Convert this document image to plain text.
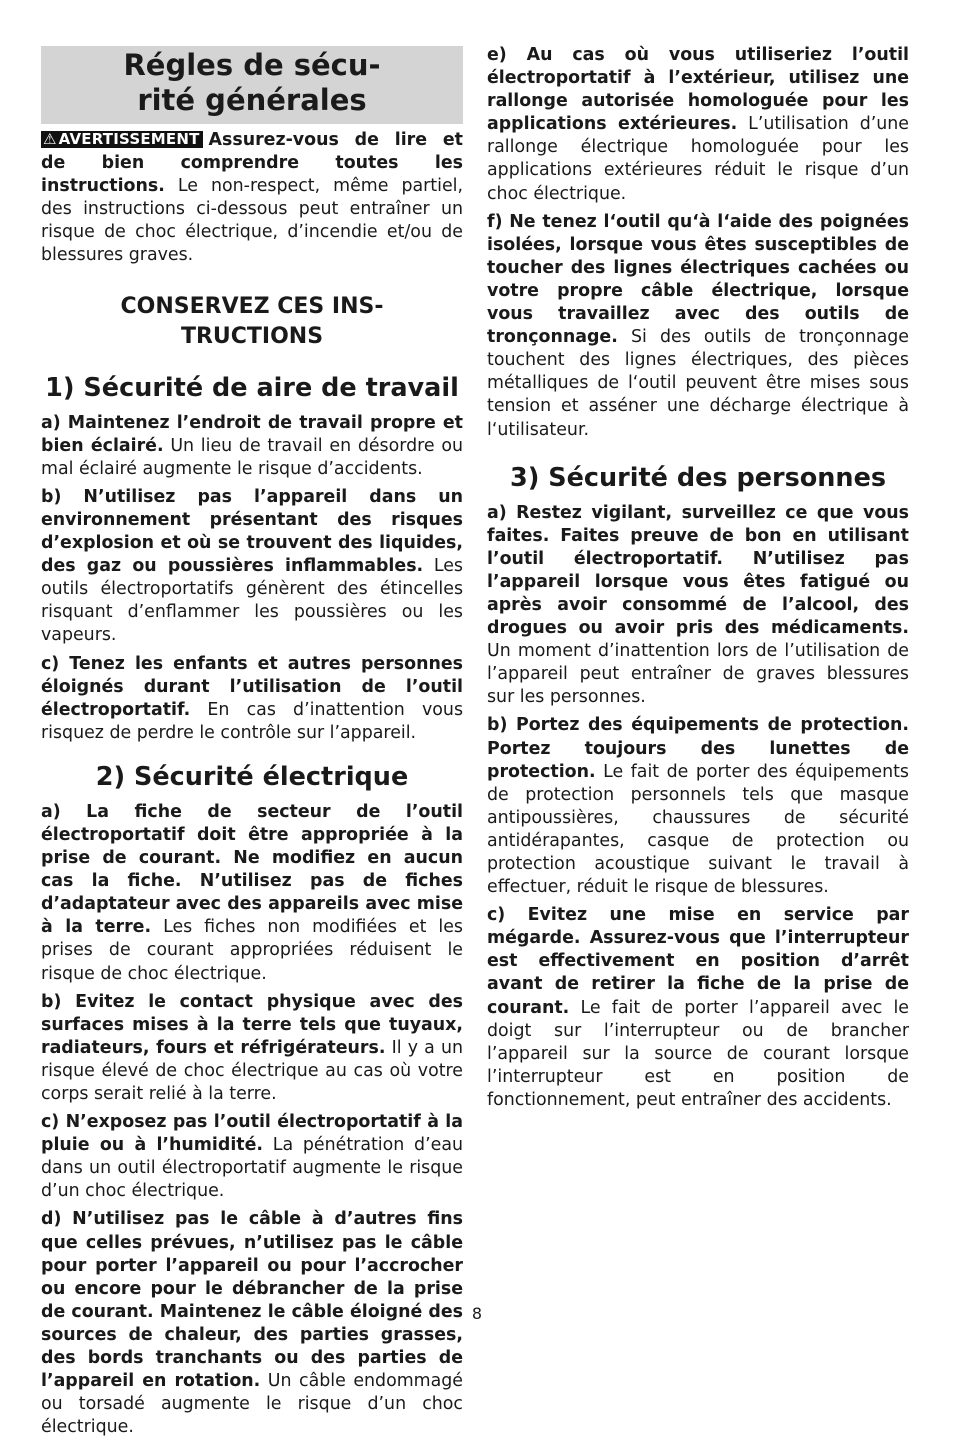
Régles de sécu-
rité générales

⚠ AVERTISSEMENT Assurez-vous de lire et de bien comprendre toutes les instructions. Le non-respect, même partiel, des instructions ci-dessous peut entraîner un risque de choc électrique, d’incendie et/ou de blessures graves.

CONSERVEZ CES INS-
TRUCTIONS
1) Sécurité de aire de travail

a) Maintenez l’endroit de travail propre et bien éclairé. Un lieu de travail en désordre ou mal éclairé augmente le risque d’accidents.

b) N’utilisez pas l’appareil dans un environnement présentant des risques d’explosion et où se trouvent des liquides, des gaz ou poussières inflammables. Les outils électroportatifs génèrent des étincelles risquant d’enflammer les poussières ou les vapeurs.

c) Tenez les enfants et autres personnes éloignés durant l’utilisation de l’outil électroportatif. En cas d’inattention vous risquez de perdre le contrôle sur l’appareil.

2) Sécurité électrique

a) La fiche de secteur de l’outil électroportatif doit être appropriée à la prise de courant. Ne modifiez en aucun cas la fiche. N’utilisez pas de fiches d’adaptateur avec des appareils avec mise à la terre. Les fiches non modifiées et les prises de courant appropriées réduisent le risque de choc électrique.

b) Evitez le contact physique avec des surfaces mises à la terre tels que tuyaux, radiateurs, fours et réfrigérateurs. Il y a un risque élevé de choc électrique au cas où votre corps serait relié à la terre.

c) N’exposez pas l’outil électroportatif à la pluie ou à l’humidité. La pénétration d’eau dans un outil électroportatif augmente le risque d’un choc électrique.

d) N’utilisez pas le câble à d’autres fins que celles prévues, n’utilisez pas le câble pour porter l’appareil ou pour l’accrocher ou encore pour le débrancher de la prise de courant. Maintenez le câble éloigné des sources de chaleur, des parties grasses, des bords tranchants ou des parties de l’appareil en rotation. Un câble endommagé ou torsadé augmente le risque d’un choc électrique.

e) Au cas où vous utiliseriez l’outil électroportatif à l’extérieur, utilisez une rallonge autorisée homologuée pour les applications extérieures. L’utilisation d’une rallonge électrique homologuée pour les applications extérieures réduit le risque d’un choc électrique.

f) Ne tenez l‘outil qu‘à l‘aide des poignées isolées, lorsque vous êtes susceptibles de toucher des lignes électriques cachées ou votre propre câble électrique, lorsque vous travaillez avec des outils de tronçonnage. Si des outils de tronçonnage touchent des lignes électriques, des pièces métalliques de l‘outil peuvent être mises sous tension et asséner une décharge électrique à l‘utilisateur.

3) Sécurité des personnes

a) Restez vigilant, surveillez ce que vous faites. Faites preuve de bon en utilisant l’outil électroportatif. N’utilisez pas l’appareil lorsque vous êtes fatigué ou après avoir consommé de l’alcool, des drogues ou avoir pris des médicaments. Un moment d’inattention lors de l’utilisation de l’appareil peut entraîner de graves blessures sur les personnes.

b) Portez des équipements de protection. Portez toujours des lunettes de protection. Le fait de porter des équipements de protection personnels tels que masque antipoussières, chaussures de sécurité antidérapantes, casque de protection ou protection acoustique suivant le travail à effectuer, réduit le risque de blessures.

c) Evitez une mise en service par mégarde. Assurez-vous que l’interrupteur est effectivement en position d’arrêt avant de retirer la fiche de la prise de courant. Le fait de porter l’appareil avec le doigt sur l’interrupteur ou de brancher l’appareil sur la source de courant lorsque l’interrupteur est en position de fonctionnement, peut entraîner des accidents.

8
